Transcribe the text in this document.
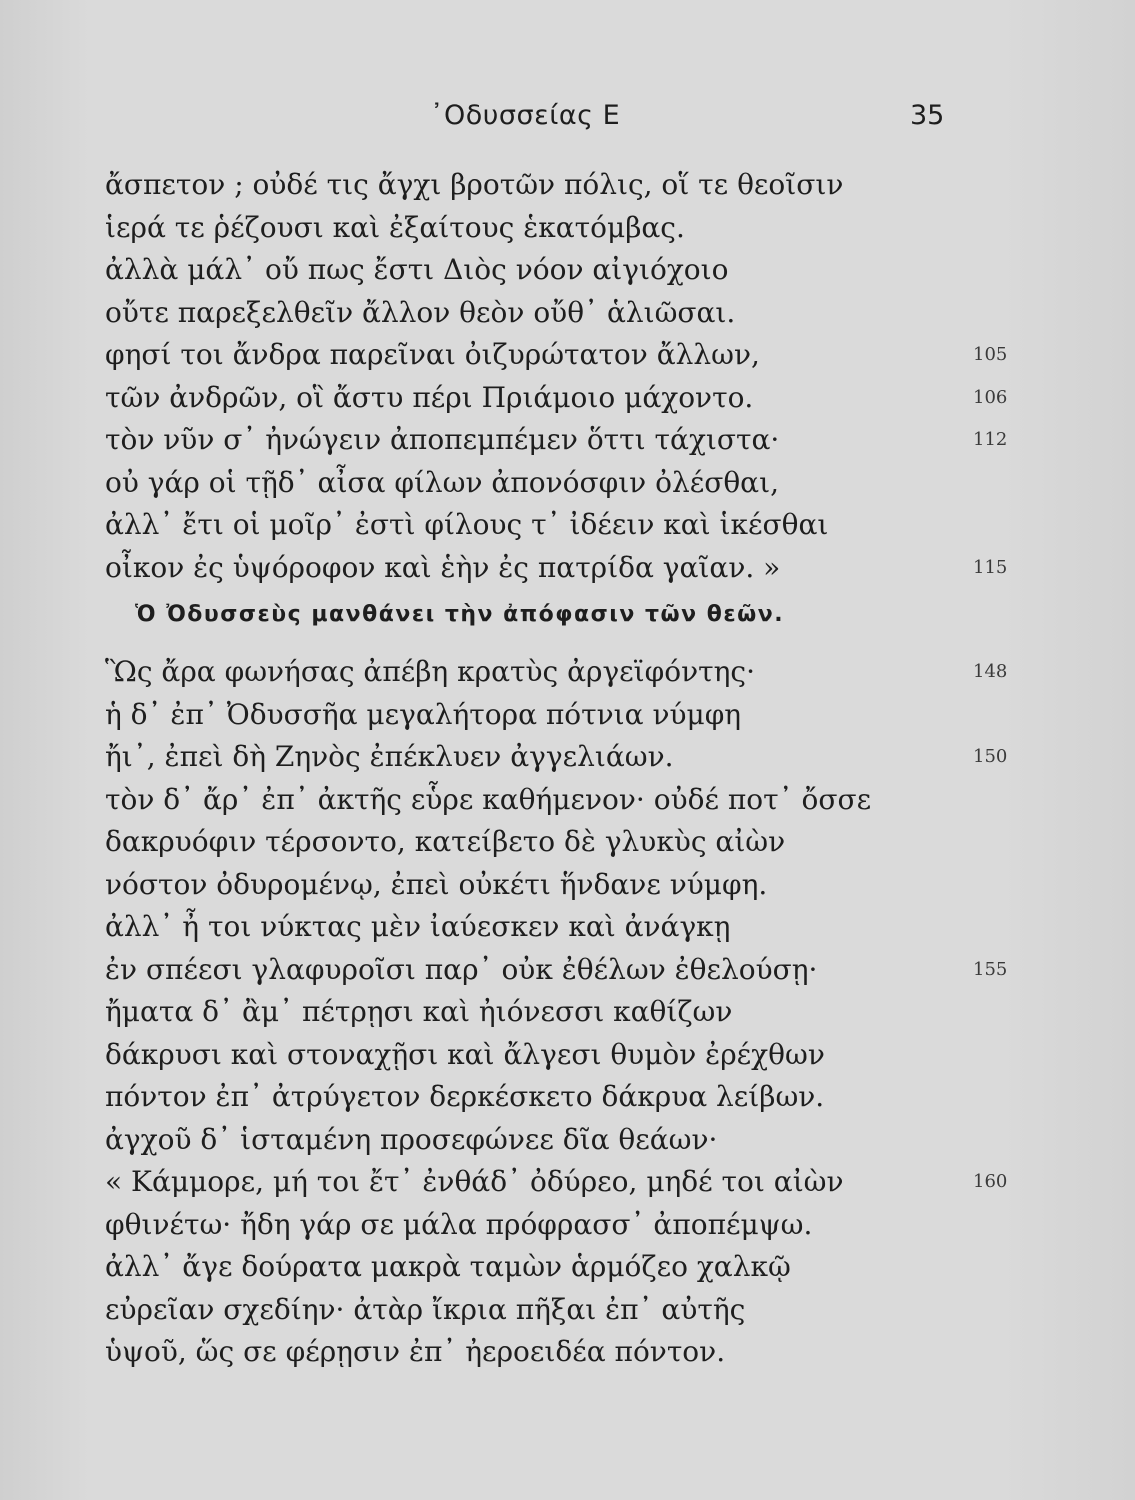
᾿Οδυσσείας Ε	35
ἄσπετον ; οὐδέ τις ἄγχι βροτῶν πόλις, οἵ τε θεοῖσιν
ἱερά τε ῥέζουσι καὶ ἐξαίτους ἑκατόμβας.
ἀλλὰ μάλ᾿ οὔ πως ἔστι Διὸς νόον αἰγιόχοιο
οὔτε παρεξελθεῖν ἄλλον θεὸν οὔθ᾿ ἁλιῶσαι.
φησί τοι ἄνδρα παρεῖναι ὀιζυρώτατον ἄλλων,	105
τῶν ἀνδρῶν, οἳ ἄστυ πέρι Πριάμοιο μάχοντο.	106
τὸν νῦν σ᾿ ἠνώγειν ἀποπεμπέμεν ὅττι τάχιστα·	112
οὐ γάρ οἱ τῇδ᾿ αἶσα φίλων ἀπονόσφιν ὀλέσθαι,
ἀλλ᾿ ἔτι οἱ μοῖρ᾿ ἐστὶ φίλους τ᾿ ἰδέειν καὶ ἱκέσθαι
οἶκον ἐς ὑψόροφον καὶ ἑὴν ἐς πατρίδα γαῖαν. »	115
Ὁ Ὀδυσσεὺς μανθάνει τὴν ἀπόφασιν τῶν θεῶν.
Ὣς ἄρα φωνήσας ἀπέβη κρατὺς ἀργεϊφόντης·	148
ἡ δ᾿ ἐπ᾿ Ὀδυσσῆα μεγαλήτορα πότνια νύμφη
ἤι᾿, ἐπεὶ δὴ Ζηνὸς ἐπέκλυεν ἀγγελιάων.	150
τὸν δ᾿ ἄρ᾿ ἐπ᾿ ἀκτῆς εὗρε καθήμενον· οὐδέ ποτ᾿ ὄσσε
δακρυόφιν τέρσοντο, κατείβετο δὲ γλυκὺς αἰὼν
νόστον ὀδυρομένῳ, ἐπεὶ οὐκέτι ἥνδανε νύμφη.
ἀλλ᾿ ἦ τοι νύκτας μὲν ἰαύεσκεν καὶ ἀνάγκῃ
ἐν σπέεσι γλαφυροῖσι παρ᾿ οὐκ ἐθέλων ἐθελούσῃ·	155
ἤματα δ᾿ ἂμ᾿ πέτρῃσι καὶ ἠιόνεσσι καθίζων
δάκρυσι καὶ στοναχῇσι καὶ ἄλγεσι θυμὸν ἐρέχθων
πόντον ἐπ᾿ ἀτρύγετον δερκέσκετο δάκρυα λείβων.
ἀγχοῦ δ᾿ ἱσταμένη προσεφώνεε δῖα θεάων·
« Κάμμορε, μή τοι ἔτ᾿ ἐνθάδ᾿ ὀδύρεο, μηδέ τοι αἰὼν	160
φθινέτω· ἤδη γάρ σε μάλα πρόφρασσ᾿ ἀποπέμψω.
ἀλλ᾿ ἄγε δούρατα μακρὰ ταμὼν ἁρμόζεο χαλκῷ
εὐρεῖαν σχεδίην· ἀτὰρ ἴκρια πῆξαι ἐπ᾿ αὐτῆς
ὑψοῦ, ὥς σε φέρῃσιν ἐπ᾿ ἠεροειδέα πόντον.
